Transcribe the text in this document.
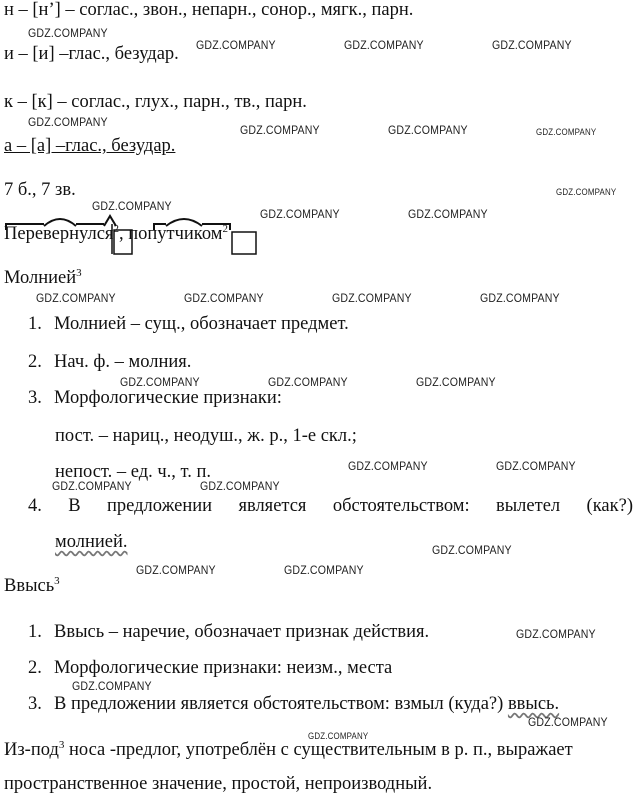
н – [н’] – соглас., звон., непарн., сонор., мягк., парн.
и – [и] –глас., безудар.
к – [к] – соглас., глух., парн., тв., парн.
а – [а] –глас., безудар.
7 б., 7 зв.
Перевернулся$^2$, попутчиком$^2$
Молнией$^3$
1. Молнией – сущ., обозначает предмет.
2. Нач. ф. – молния.
3. Морфологические признаки:
пост. – нариц., неодуш., ж. р., 1-е скл.;
непост. – ед. ч., т. п.
4. В предложении является обстоятельством: вылетел (как?)
молнией.
Ввысь$^3$
1. Ввысь – наречие, обозначает признак действия.
2. Морфологические признаки: неизм., места
3. В предложении является обстоятельством: взмыл (куда?) ввысь.
Из-под$^3$ носа -предлог, употреблён с существительным в р. п., выражает
пространственное значение, простой, непроизводный.
GDZ.COMPANY
GDZ.COMPANY	GDZ.COMPANY	GDZ.COMPANY
GDZ.COMPANY
GDZ.COMPANY	GDZ.COMPANY	GDZ.COMPANY
GDZ.COMPANY
GDZ.COMPANY
GDZ.COMPANY	GDZ.COMPANY
GDZ.COMPANY	GDZ.COMPANY	GDZ.COMPANY	GDZ.COMPANY
GDZ.COMPANY	GDZ.COMPANY	GDZ.COMPANY
GDZ.COMPANY	GDZ.COMPANY
GDZ.COMPANY	GDZ.COMPANY
GDZ.COMPANY
GDZ.COMPANY	GDZ.COMPANY
GDZ.COMPANY
GDZ.COMPANY
GDZ.COMPANY
GDZ.COMPANY
